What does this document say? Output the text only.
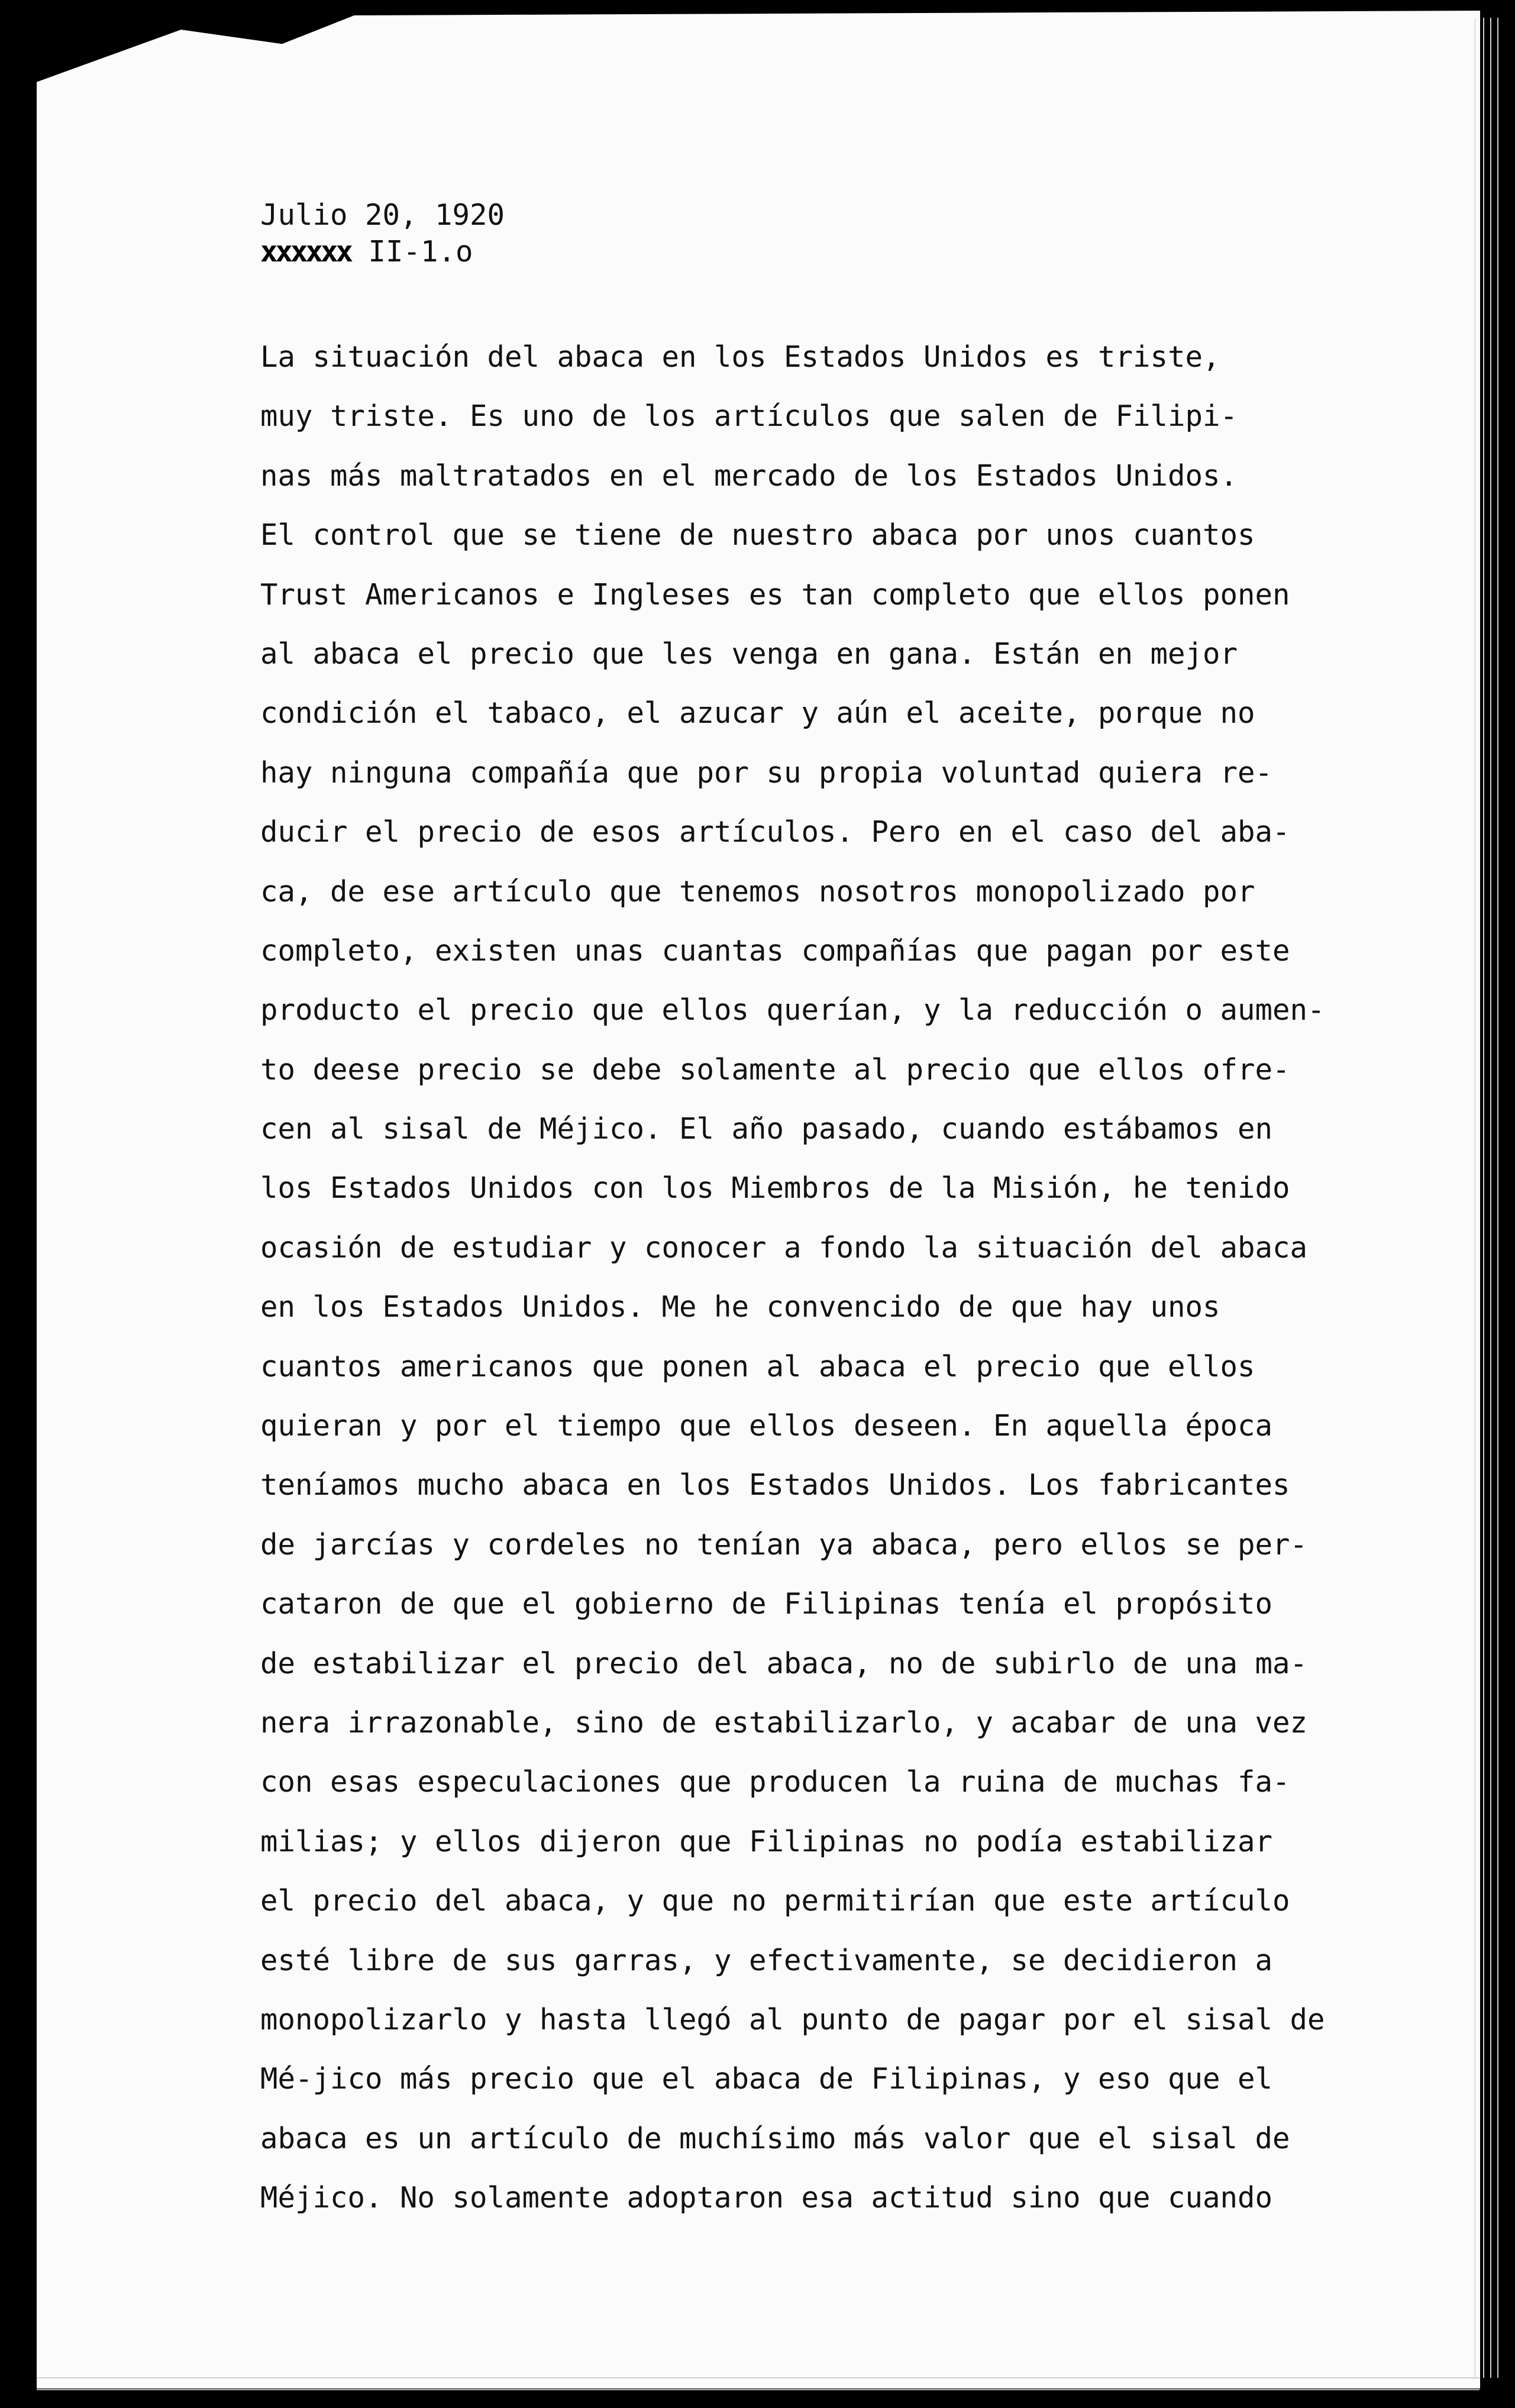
Julio 20, 1920
xxxxxx II-1.o
La situación del abaca en los Estados Unidos es triste,
muy triste. Es uno de los artículos que salen de Filipi-
nas más maltratados en el mercado de los Estados Unidos.
El control que se tiene de nuestro abaca por unos cuantos
Trust Americanos e Ingleses es tan completo que ellos ponen
al abaca el precio que les venga en gana. Están en mejor
condición el tabaco, el azucar y aún el aceite, porque no
hay ninguna compañía que por su propia voluntad quiera re-
ducir el precio de esos artículos. Pero en el caso del aba-
ca, de ese artículo que tenemos nosotros monopolizado por
completo, existen unas cuantas compañías que pagan por este
producto el precio que ellos querían, y la reducción o aumen-
to deese precio se debe solamente al precio que ellos ofre-
cen al sisal de Méjico. El año pasado, cuando estábamos en
los Estados Unidos con los Miembros de la Misión, he tenido
ocasión de estudiar y conocer a fondo la situación del abaca
en los Estados Unidos. Me he convencido de que hay unos
cuantos americanos que ponen al abaca el precio que ellos
quieran y por el tiempo que ellos deseen. En aquella época
teníamos mucho abaca en los Estados Unidos. Los fabricantes
de jarcías y cordeles no tenían ya abaca, pero ellos se per-
cataron de que el gobierno de Filipinas tenía el propósito
de estabilizar el precio del abaca, no de subirlo de una ma-
nera irrazonable, sino de estabilizarlo, y acabar de una vez
con esas especulaciones que producen la ruina de muchas fa-
milias; y ellos dijeron que Filipinas no podía estabilizar
el precio del abaca, y que no permitirían que este artículo
esté libre de sus garras, y efectivamente, se decidieron a
monopolizarlo y hasta llegó al punto de pagar por el sisal de
Mé-jico más precio que el abaca de Filipinas, y eso que el
abaca es un artículo de muchísimo más valor que el sisal de
Méjico. No solamente adoptaron esa actitud sino que cuando
